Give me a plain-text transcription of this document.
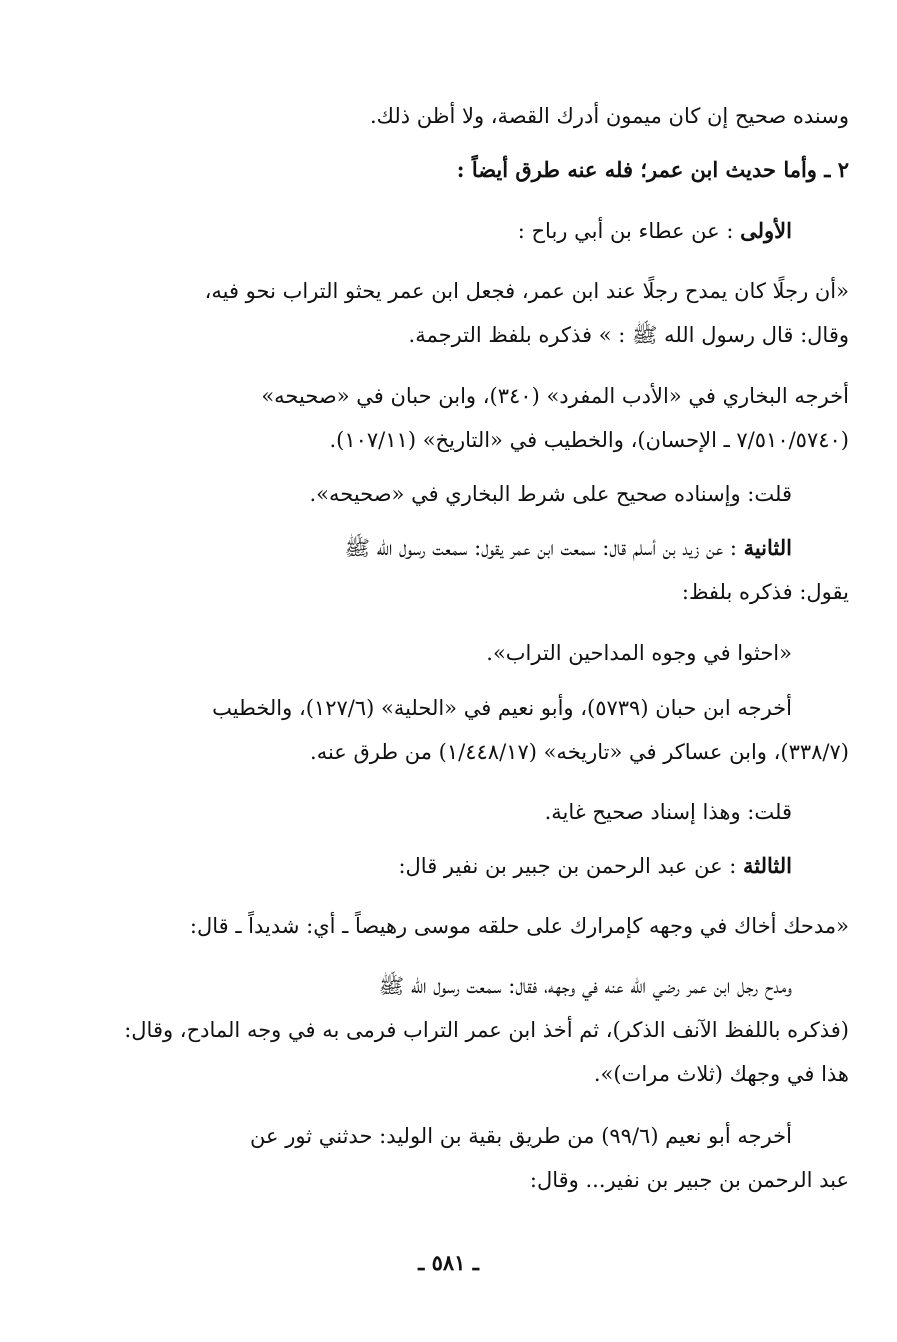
وسنده صحيح إن كان ميمون أدرك القصة، ولا أظن ذلك.
٢ ـ وأما حديث ابن عمر؛ فله عنه طرق أيضاً :
الأولى : عن عطاء بن أبي رباح :
«أن رجلًا كان يمدح رجلًا عند ابن عمر، فجعل ابن عمر يحثو التراب نحو فيه،
وقال: قال رسول الله ﷺ : » فذكره بلفظ الترجمة.
أخرجه البخاري في «الأدب المفرد» (٣٤٠)، وابن حبان في «صحيحه»
(٧/٥١٠/٥٧٤٠ ـ الإحسان)، والخطيب في «التاريخ» (١٠٧/١١).
قلت: وإسناده صحيح على شرط البخاري في «صحيحه».
الثانية : عن زيد بن أسلم قال: سمعت ابن عمر يقول: سمعت رسول الله ﷺ
يقول: فذكره بلفظ:
«احثوا في وجوه المداحين التراب».
أخرجه ابن حبان (٥٧٣٩)، وأبو نعيم في «الحلية» (١٢٧/٦)، والخطيب
(٣٣٨/٧)، وابن عساكر في «تاريخه» (١/٤٤٨/١٧) من طرق عنه.
قلت: وهذا إسناد صحيح غاية.
الثالثة : عن عبد الرحمن بن جبير بن نفير قال:
«مدحك أخاك في وجهه كإمرارك على حلقه موسى رهيصاً ـ أي: شديداً ـ قال:
ومدح رجل ابن عمر رضي الله عنه في وجهه، فقال: سمعت رسول الله ﷺ
(فذكره باللفظ الآنف الذكر)، ثم أخذ ابن عمر التراب فرمى به في وجه المادح، وقال:
هذا في وجهك (ثلاث مرات)».
أخرجه أبو نعيم (٩٩/٦) من طريق بقية بن الوليد: حدثني ثور عن
عبد الرحمن بن جبير بن نفير... وقال:
ـ ٥٨١ ـ
